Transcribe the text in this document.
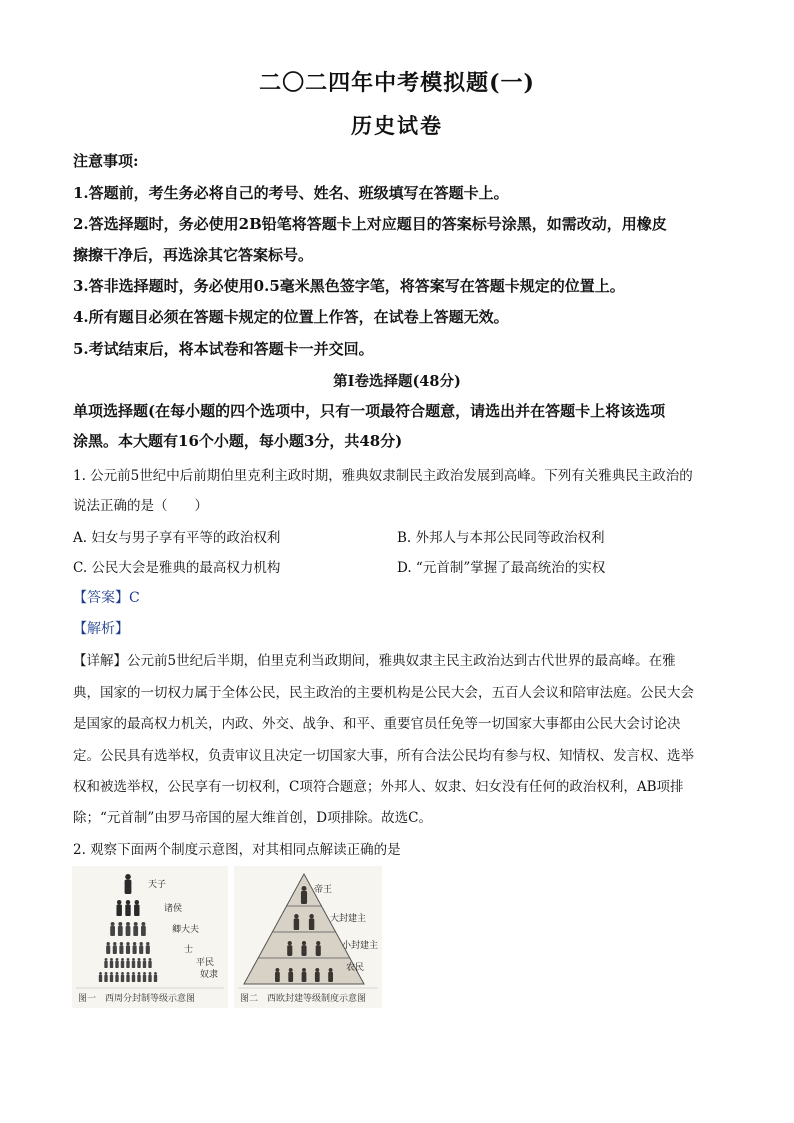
二〇二四年中考模拟题(一)
历史试卷
注意事项:
1.答题前，考生务必将自己的考号、姓名、班级填写在答题卡上。
2.答选择题时，务必使用2B铅笔将答题卡上对应题目的答案标号涂黑，如需改动，用橡皮
擦擦干净后，再选涂其它答案标号。
3.答非选择题时，务必使用0.5毫米黑色签字笔，将答案写在答题卡规定的位置上。
4.所有题目必须在答题卡规定的位置上作答，在试卷上答题无效。
5.考试结束后，将本试卷和答题卡一并交回。
第Ⅰ卷选择题(48分)
单项选择题(在每小题的四个选项中，只有一项最符合题意，请选出并在答题卡上将该选项
涂黑。本大题有16个小题，每小题3分，共48分)
1. 公元前5世纪中后前期伯里克利主政时期，雅典奴隶制民主政治发展到高峰。下列有关雅典民主政治的
说法正确的是（　　）
A. 妇女与男子享有平等的政治权利	B. 外邦人与本邦公民同等政治权利
C. 公民大会是雅典的最高权力机构	D. “元首制”掌握了最高统治的实权
【答案】C
【解析】
【详解】公元前5世纪后半期，伯里克利当政期间，雅典奴隶主民主政治达到古代世界的最高峰。在雅
典，国家的一切权力属于全体公民，民主政治的主要机构是公民大会，五百人会议和陪审法庭。公民大会
是国家的最高权力机关，内政、外交、战争、和平、重要官员任免等一切国家大事都由公民大会讨论决
定。公民具有选举权，负责审议且决定一切国家大事，所有合法公民均有参与权、知情权、发言权、选举
权和被选举权，公民享有一切权利，C项符合题意；外邦人、奴隶、妇女没有任何的政治权利，AB项排
除；“元首制”由罗马帝国的屋大维首创，D项排除。故选C。
2. 观察下面两个制度示意图，对其相同点解读正确的是
天子
诸侯
卿大夫
士
平民
奴隶
图一　西周分封制等级示意图
帝王
大封建主
小封建主
农民
图二　西欧封建等级制度示意图
